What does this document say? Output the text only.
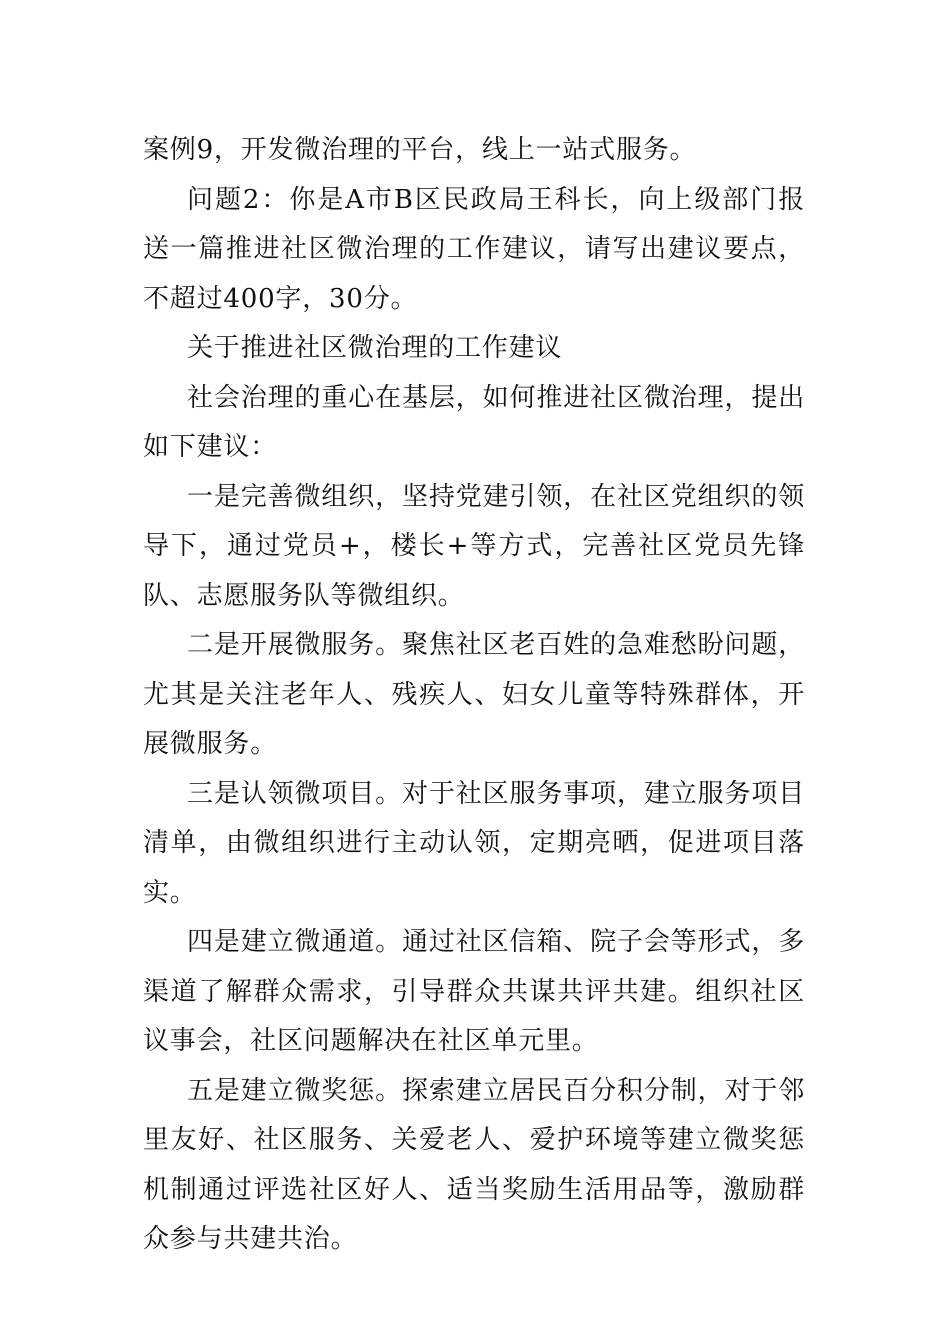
案例9，开发微治理的平台，线上一站式服务。

问题2：你是A市B区民政局王科长，向上级部门报送一篇推进社区微治理的工作建议，请写出建议要点，不超过400字，30分。

关于推进社区微治理的工作建议

社会治理的重心在基层，如何推进社区微治理，提出如下建议：

一是完善微组织，坚持党建引领，在社区党组织的领导下，通过党员+，楼长+等方式，完善社区党员先锋队、志愿服务队等微组织。

二是开展微服务。聚焦社区老百姓的急难愁盼问题，尤其是关注老年人、残疾人、妇女儿童等特殊群体，开展微服务。

三是认领微项目。对于社区服务事项，建立服务项目清单，由微组织进行主动认领，定期亮晒，促进项目落实。

四是建立微通道。通过社区信箱、院子会等形式，多渠道了解群众需求，引导群众共谋共评共建。组织社区议事会，社区问题解决在社区单元里。

五是建立微奖惩。探索建立居民百分积分制，对于邻里友好、社区服务、关爱老人、爱护环境等建立微奖惩机制通过评选社区好人、适当奖励生活用品等，激励群众参与共建共治。
